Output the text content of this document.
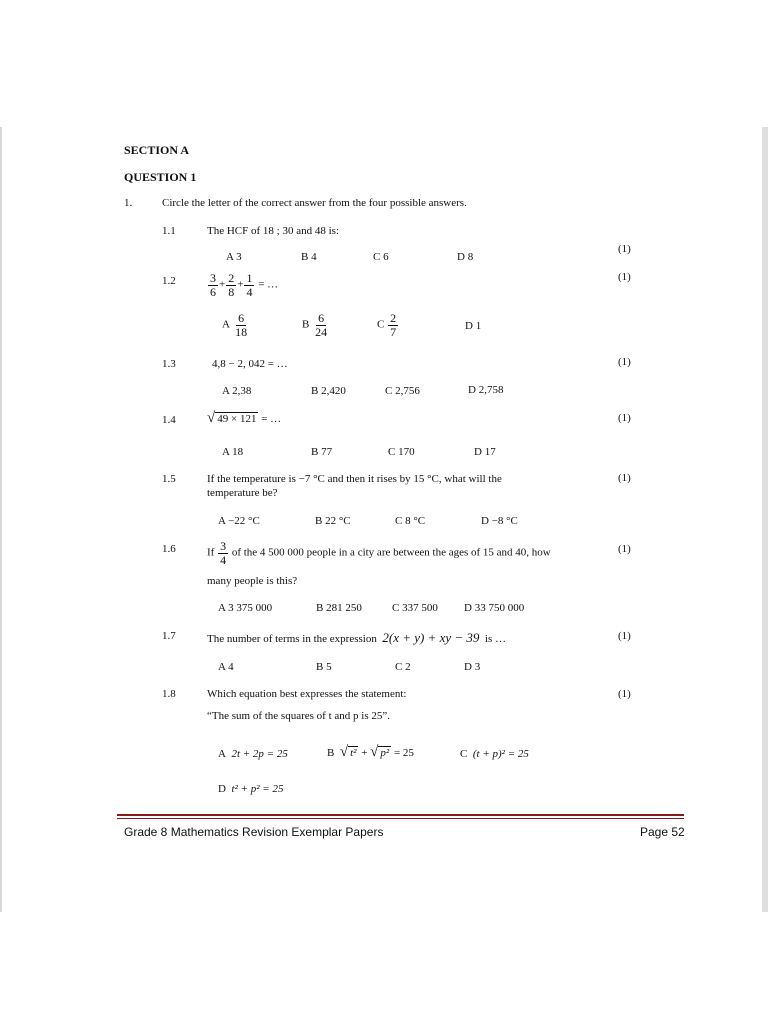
SECTION A
QUESTION 1
1.	Circle the letter of the correct answer from the four possible answers.
1.1	The HCF of 18 ; 30 and 48 is:
(1)
A 3	B 4	C 6	D 8
1.2	(1)
$\frac{3}{6} + \frac{2}{8} + \frac{1}{4}$ = …
A $\frac{6}{18}$	B $\frac{6}{24}$	C $\frac{2}{7}$	D 1
1.3	4,8 − 2, 042 = …	(1)
A 2,38	B 2,420	C 2,756	D 2,758
1.4 √ 49 × 121 = …	(1)
A 18	B 77	C 170	D 17
1.5	If the temperature is −7 °C and then it rises by 15 °C, what will the
temperature be?
(1)
A −22 °C	B 22 °C	C 8 °C	D −8 °C
1.6	If $\frac{3}{4}$ of the 4 500 000 people in a city are between the ages of 15 and 40, how
many people is this?
(1)
A 3 375 000	B 281 250	C 337 500 D 33 750 000
1.7	The number of terms in the expression 2(x + y) + xy − 39 is …	(1)
A 4	B 5	C 2	D 3
1.8	Which equation best expresses the statement:
“The sum of the squares of t and p is 25”.
(1)
A 2t + 2p = 25	B √ t² + √ p² = 25	C (t + p)² = 25
D t² + p² = 25
Grade 8 Mathematics Revision Exemplar Papers	Page 52
